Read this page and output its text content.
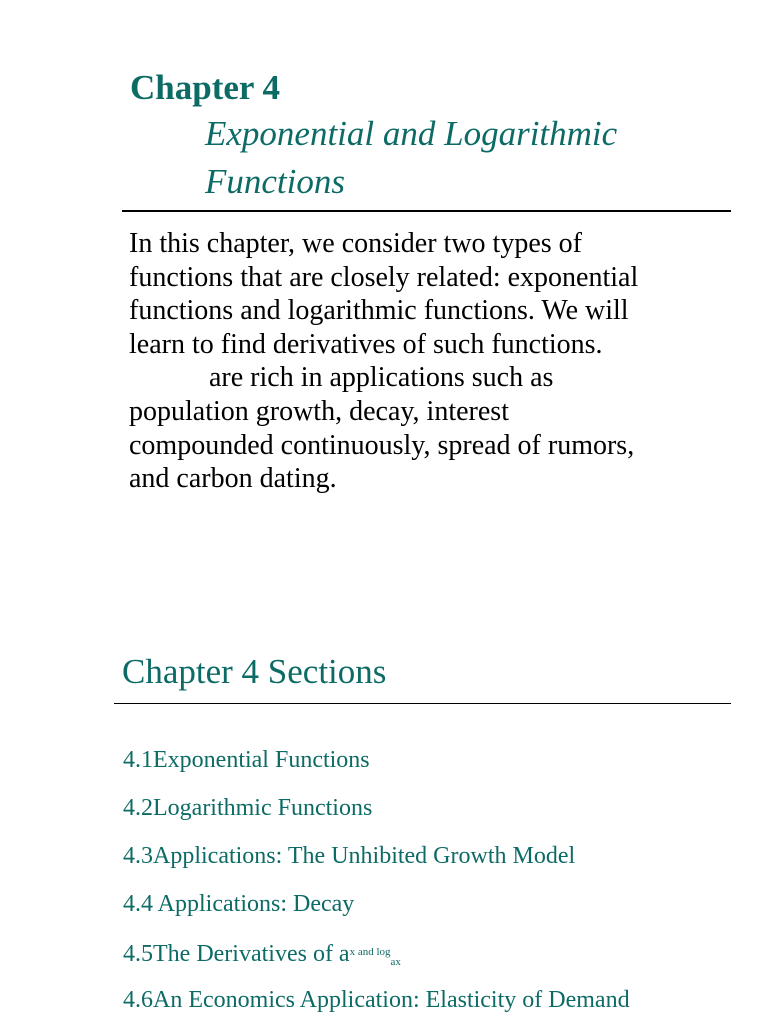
Chapter 4
Exponential and Logarithmic
Functions
In this chapter, we consider two types of
functions that are closely related: exponential
functions and logarithmic functions. We will
learn to find derivatives of such functions.
are rich in applications such as
population growth, decay, interest
compounded continuously, spread of rumors,
and carbon dating.
Chapter 4 Sections
4.1Exponential Functions
4.2Logarithmic Functions
4.3Applications: The Unhibited Growth Model
4.4 Applications: Decay
4.5The Derivatives of $a^{x and log}ax$
4.6An Economics Application: Elasticity of Demand
